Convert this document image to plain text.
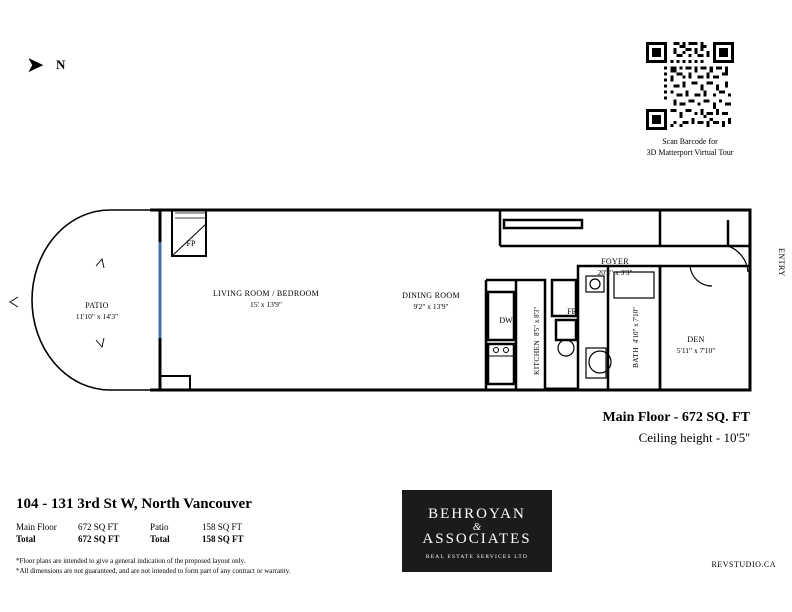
➤ N
Scan Barcode for
3D Matterport Virtual Tour
ENTRY
PATIO
11'10" x 14'3"
LIVING ROOM / BEDROOM
15' x 13'9"
DINING ROOM
9'2" x 13'9"
FOYER
20'3" x 3'3"
DEN
5'11" x 7'10"
KITCHEN 8'5" x 8'3"
BATH 4'10" x 7'10"
DW
FR
FP
Main Floor - 672 SQ. FT
Ceiling height - 10'5''
104 - 131 3rd St W, North Vancouver
Main Floor	672 SQ FT	Patio	158 SQ FT
Total	672 SQ FT	Total	158 SQ FT
*Floor plans are intended to give a general indication of the proposed layout only.
*All dimensions are not guaranteed, and are not intended to form part of any contract or warranty.
BEHROYAN
&
ASSOCIATES
REAL ESTATE SERVICES LTD
REVSTUDIO.CA
